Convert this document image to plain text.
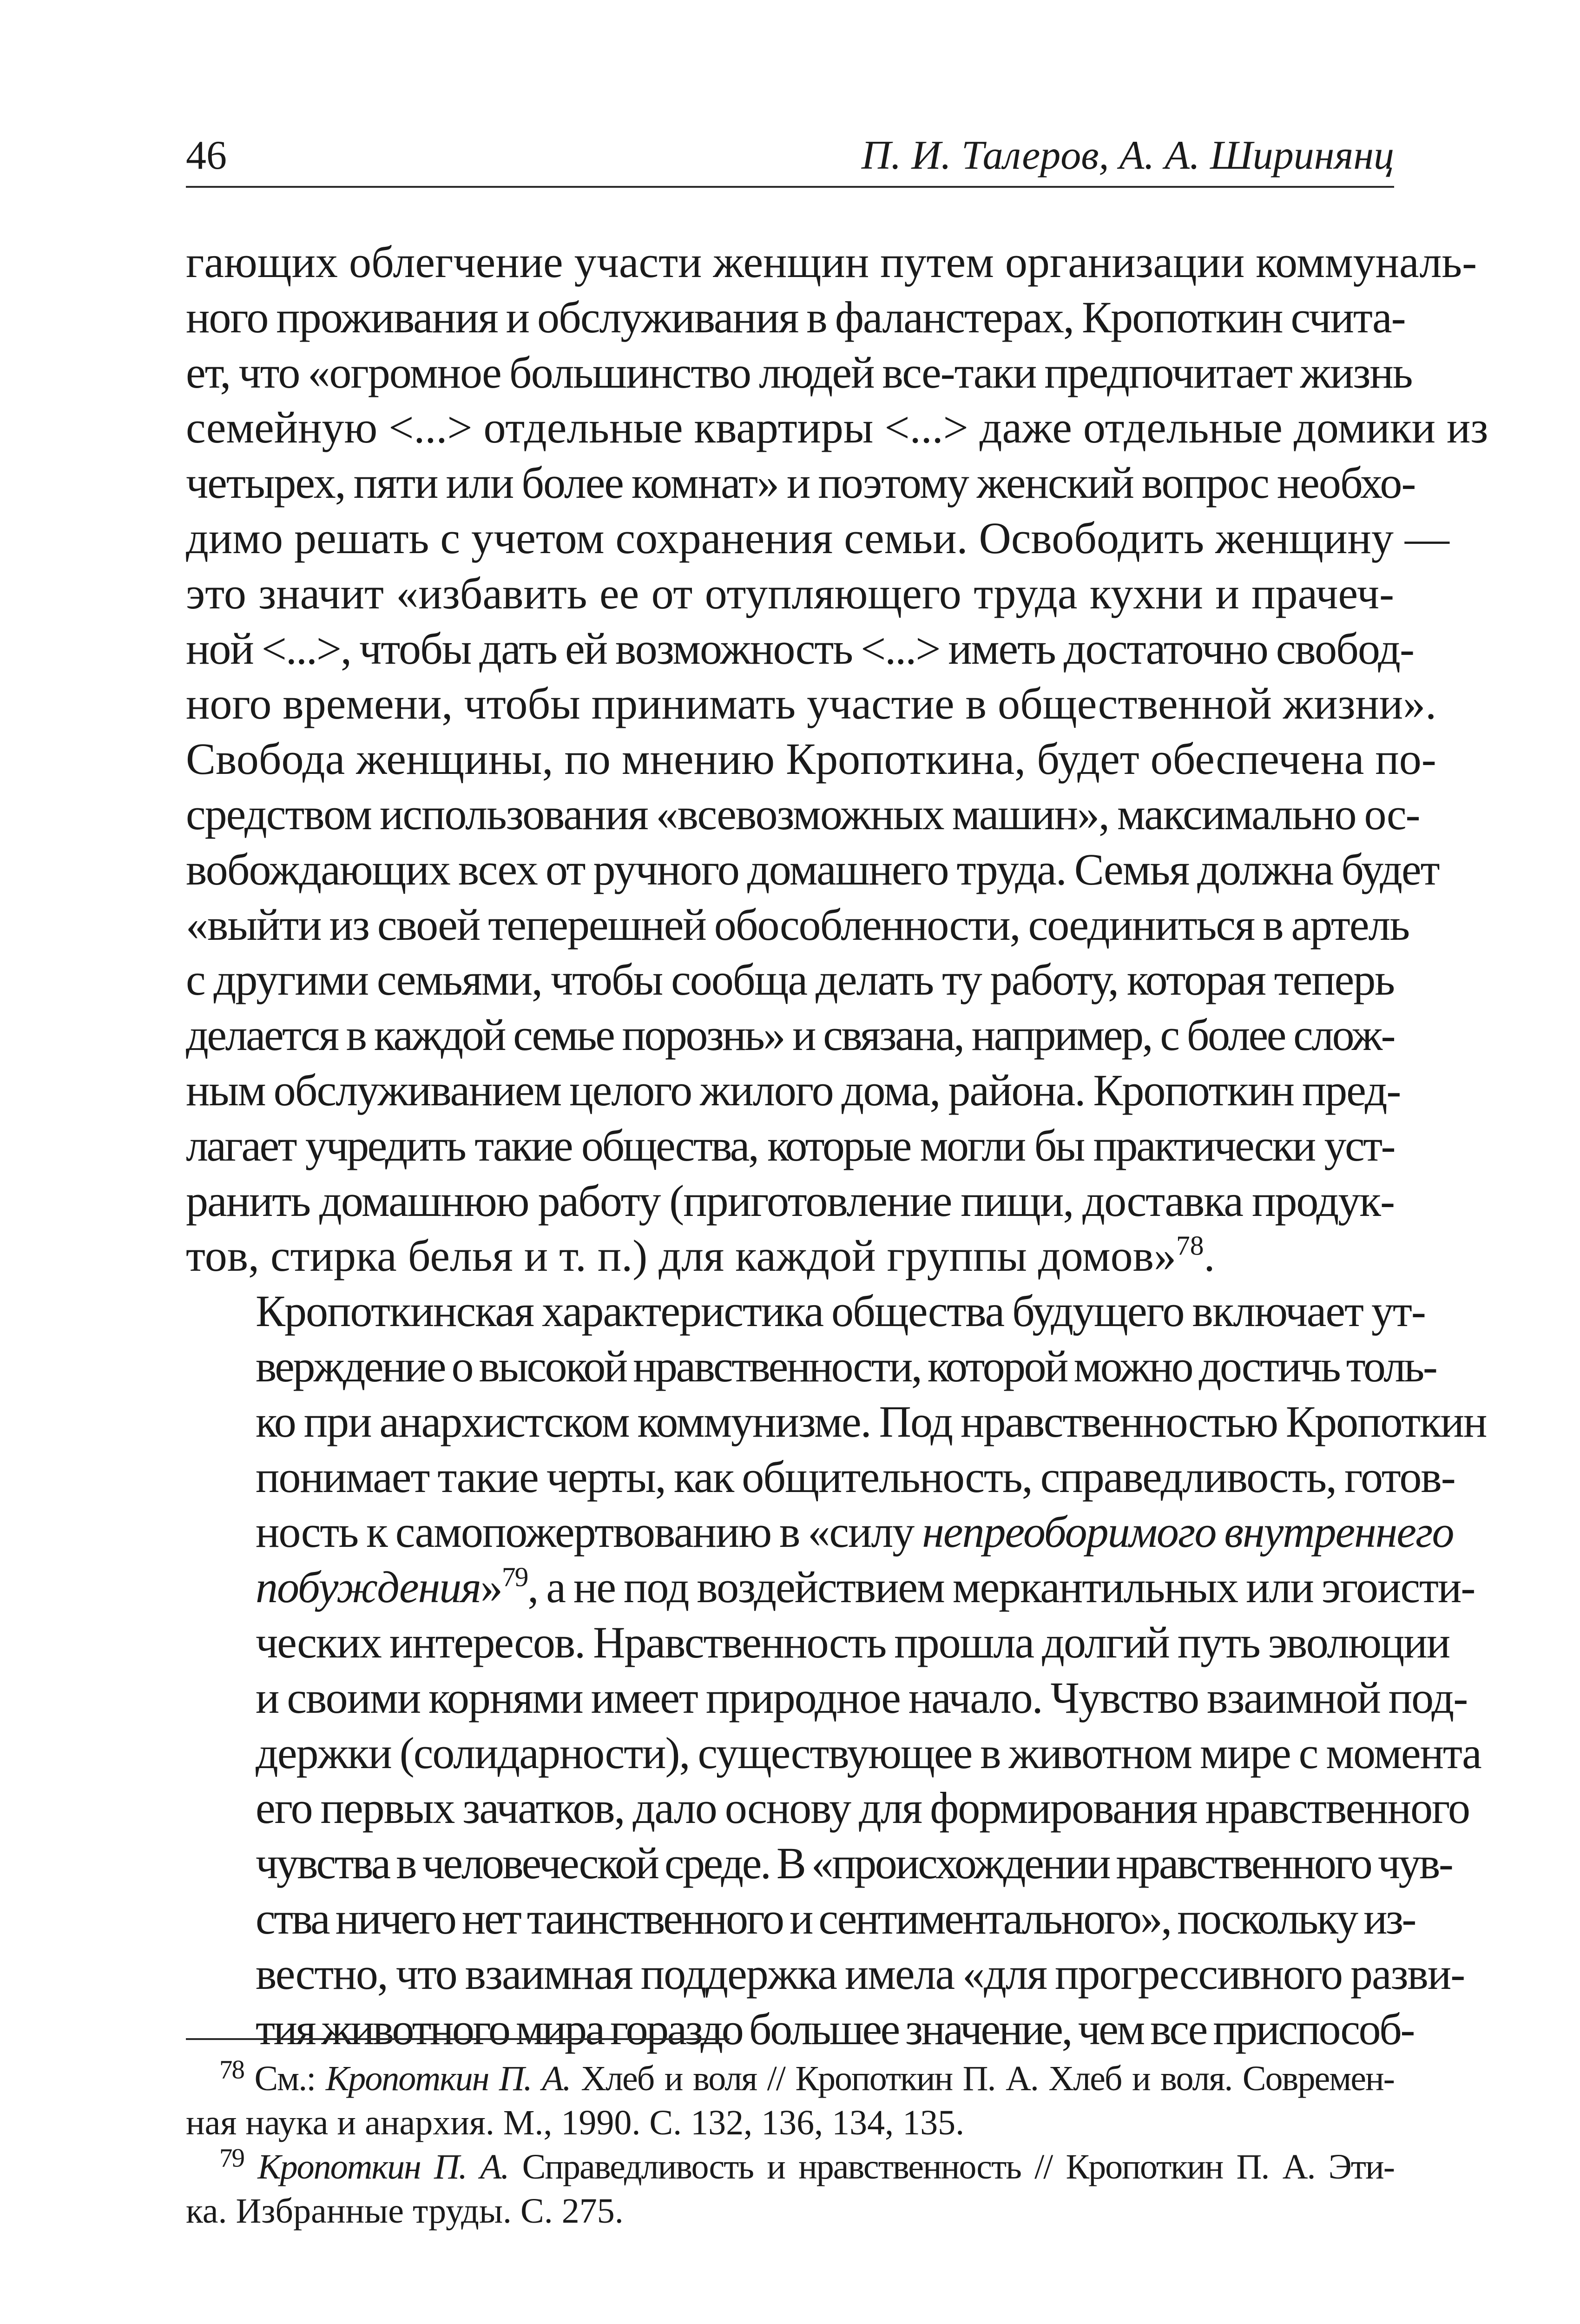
46	П. И. Талеров, А. А. Ширинянц

гающих облегчение участи женщин путем организации коммуналь-
ного проживания и обслуживания в фаланстерах, Кропоткин счита-
ет, что «огромное большинство людей все-таки предпочитает жизнь
семейную <...> отдельные квартиры <...> даже отдельные домики из
четырех, пяти или более комнат» и поэтому женский вопрос необхо-
димо решать с учетом сохранения семьи. Освободить женщину —
это значит «избавить ее от отупляющего труда кухни и прачеч-
ной <...>, чтобы дать ей возможность <...> иметь достаточно свобод-
ного времени, чтобы принимать участие в общественной жизни».
Свобода женщины, по мнению Кропоткина, будет обеспечена по-
средством использования «всевозможных машин», максимально ос-
вобождающих всех от ручного домашнего труда. Семья должна будет
«выйти из своей теперешней обособленности, соединиться в артель
с другими семьями, чтобы сообща делать ту работу, которая теперь
делается в каждой семье порознь» и связана, например, с более слож-
ным обслуживанием целого жилого дома, района. Кропоткин пред-
лагает учредить такие общества, которые могли бы практически уст-
ранить домашнюю работу (приготовление пищи, доставка продук-
тов, стирка белья и т. п.) для каждой группы домов»$^{78}$.

Кропоткинская характеристика общества будущего включает ут-
верждение о высокой нравственности, которой можно достичь толь-
ко при анархистском коммунизме. Под нравственностью Кропоткин
понимает такие черты, как общительность, справедливость, готов-
ность к самопожертвованию в «силу непреоборимого внутреннего
побуждения»$^{79}$, а не под воздействием меркантильных или эгоисти-
ческих интересов. Нравственность прошла долгий путь эволюции
и своими корнями имеет природное начало. Чувство взаимной под-
держки (солидарности), существующее в животном мире с момента
его первых зачатков, дало основу для формирования нравственного
чувства в человеческой среде. В «происхождении нравственного чув-
ства ничего нет таинственного и сентиментального», поскольку из-
вестно, что взаимная поддержка имела «для прогрессивного разви-
тия животного мира гораздо большее значение, чем все приспособ-

$^{78}$ См.: Кропоткин П. А. Хлеб и воля // Кропоткин П. А. Хлеб и воля. Современ-
ная наука и анархия. М., 1990. С. 132, 136, 134, 135.

$^{79}$ Кропоткин П. А. Справедливость и нравственность // Кропоткин П. А. Эти-
ка. Избранные труды. С. 275.
